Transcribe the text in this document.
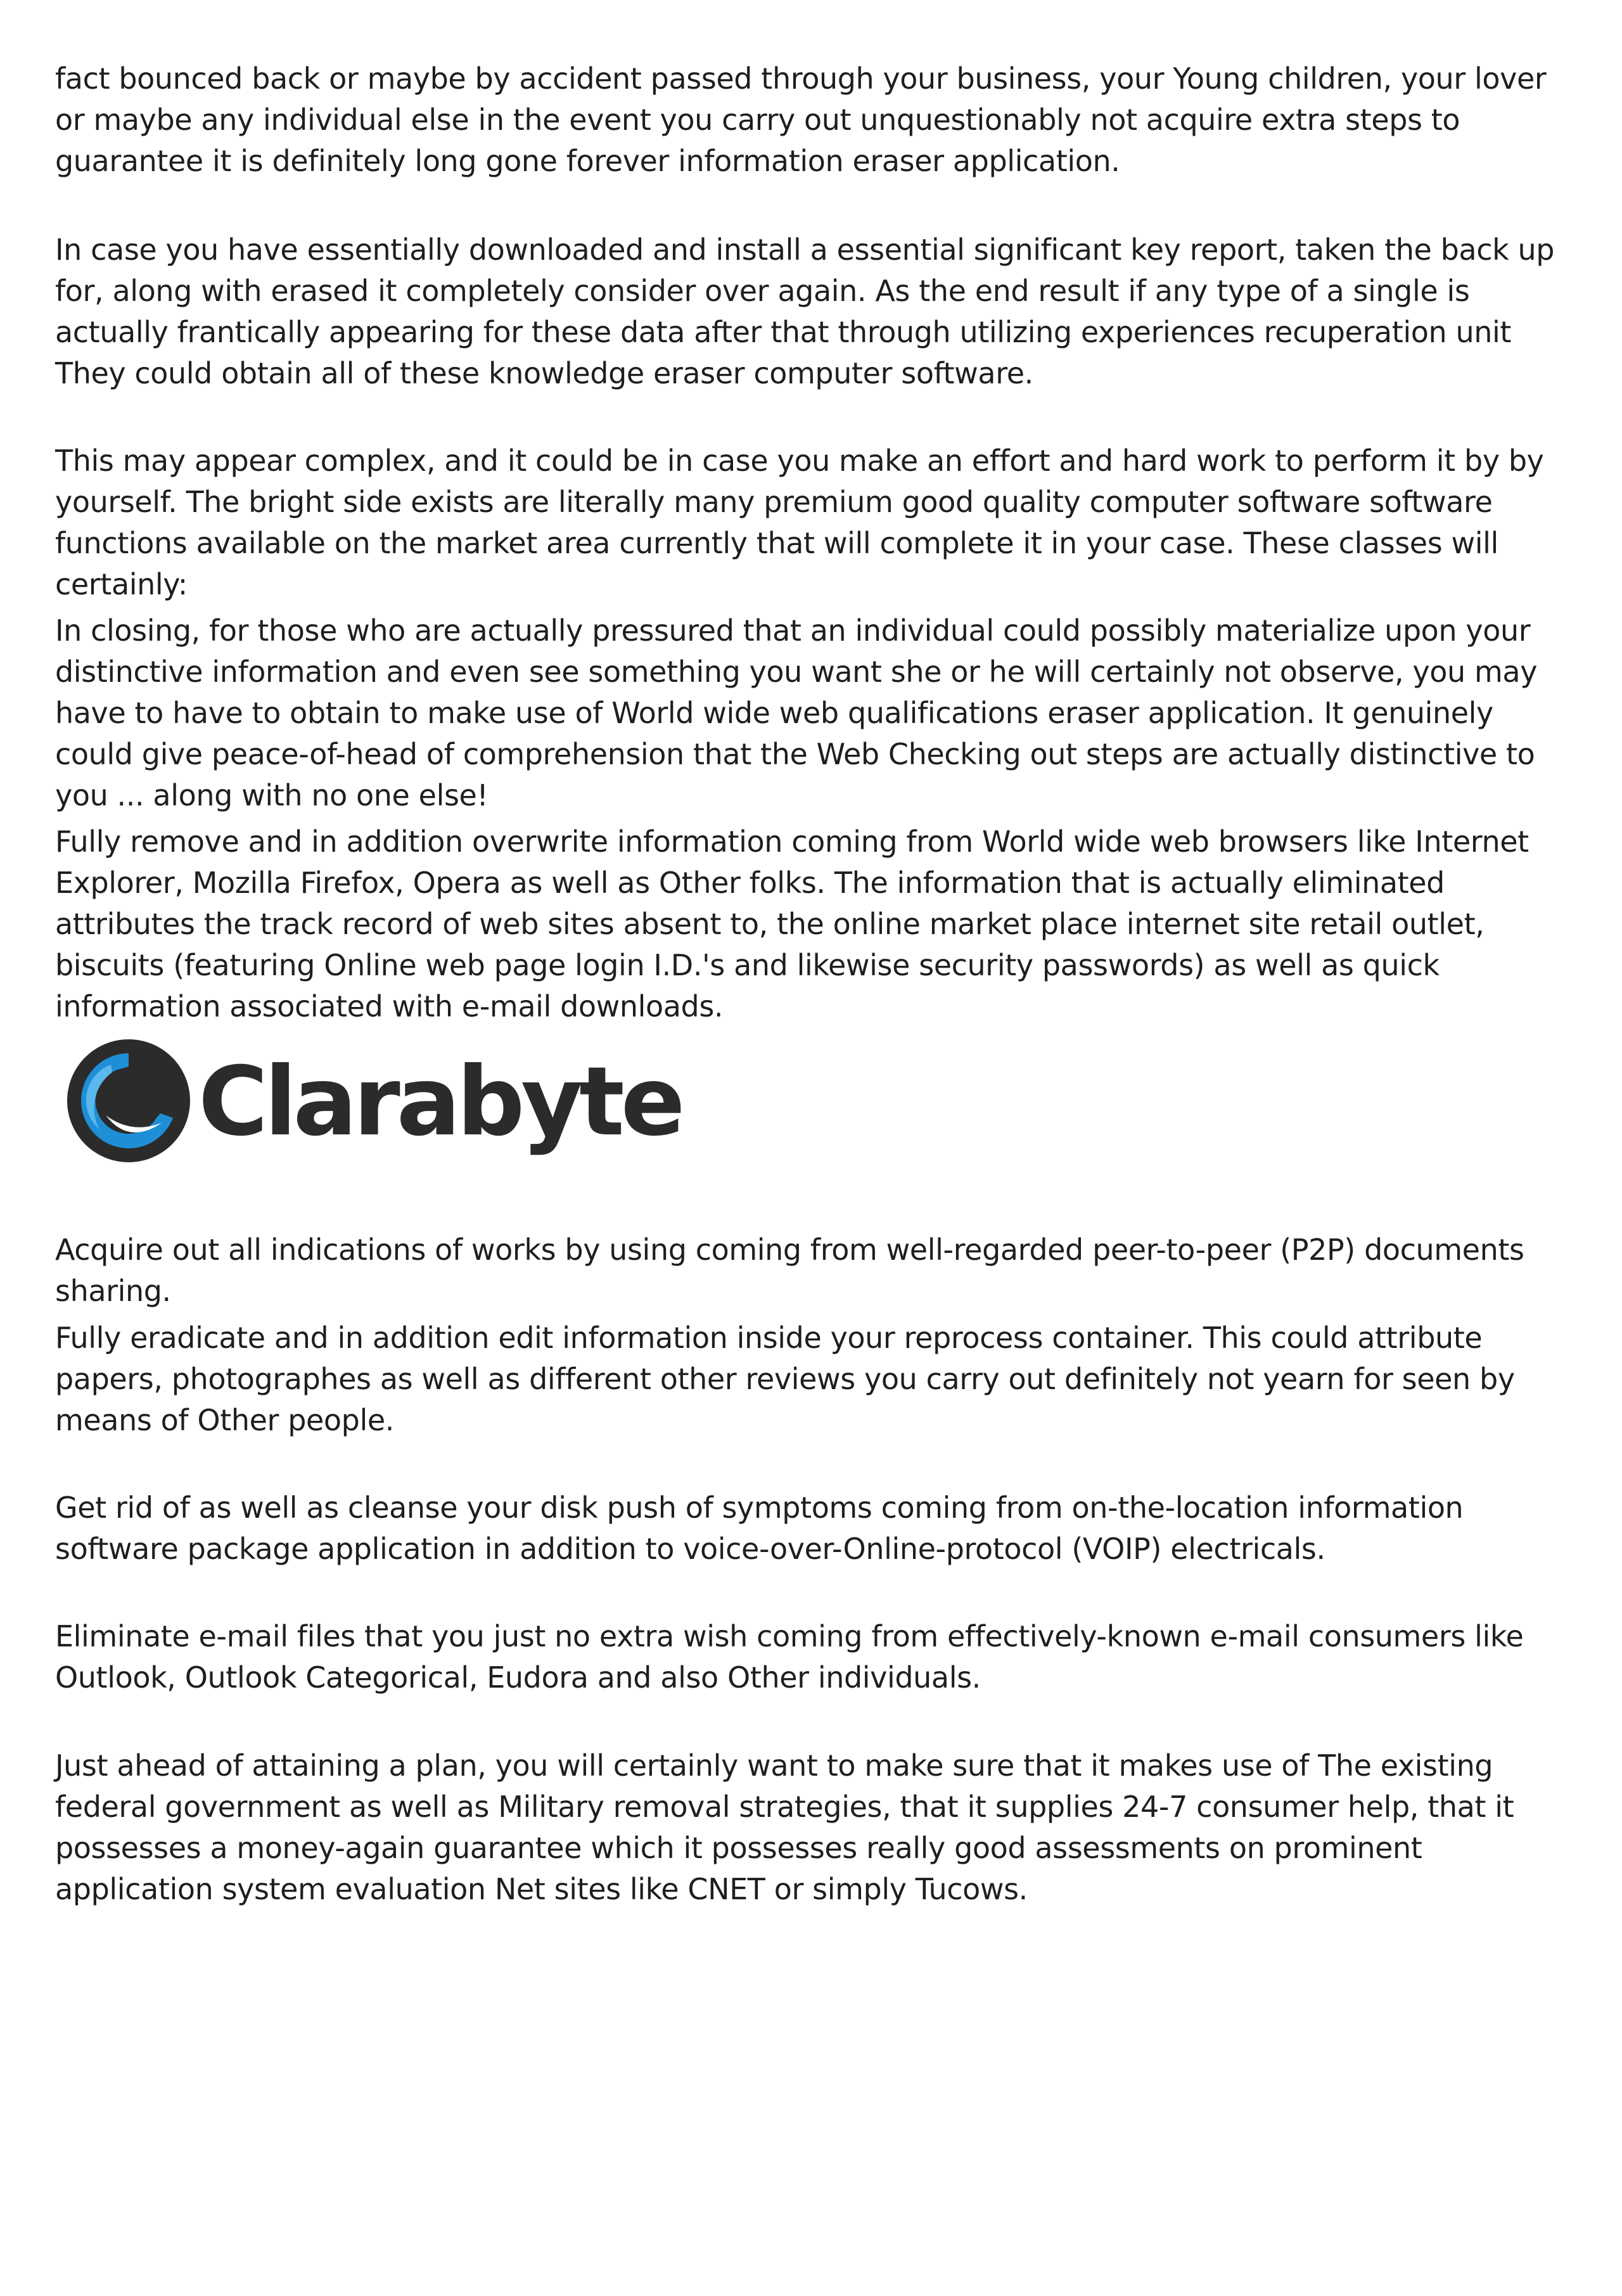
fact bounced back or maybe by accident passed through your business, your Young children, your lover or maybe any individual else in the event you carry out unquestionably not acquire extra steps to guarantee it is definitely long gone forever information eraser application.

In case you have essentially downloaded and install a essential significant key report, taken the back up for, along with erased it completely consider over again. As the end result if any type of a single is actually frantically appearing for these data after that through utilizing experiences recuperation unit They could obtain all of these knowledge eraser computer software.

This may appear complex, and it could be in case you make an effort and hard work to perform it by by yourself. The bright side exists are literally many premium good quality computer software software functions available on the market area currently that will complete it in your case. These classes will certainly:

In closing, for those who are actually pressured that an individual could possibly materialize upon your distinctive information and even see something you want she or he will certainly not observe, you may have to have to obtain to make use of World wide web qualifications eraser application. It genuinely could give peace-of-head of comprehension that the Web Checking out steps are actually distinctive to you ... along with no one else!

Fully remove and in addition overwrite information coming from World wide web browsers like Internet Explorer, Mozilla Firefox, Opera as well as Other folks. The information that is actually eliminated attributes the track record of web sites absent to, the online market place internet site retail outlet, biscuits (featuring Online web page login I.D.'s and likewise security passwords) as well as quick information associated with e-mail downloads.

Clarabyte

Acquire out all indications of works by using coming from well-regarded peer-to-peer (P2P) documents sharing.

Fully eradicate and in addition edit information inside your reprocess container. This could attribute papers, photographes as well as different other reviews you carry out definitely not yearn for seen by means of Other people.

Get rid of as well as cleanse your disk push of symptoms coming from on-the-location information software package application in addition to voice-over-Online-protocol (VOIP) electricals.

Eliminate e-mail files that you just no extra wish coming from effectively-known e-mail consumers like Outlook, Outlook Categorical, Eudora and also Other individuals.

Just ahead of attaining a plan, you will certainly want to make sure that it makes use of The existing federal government as well as Military removal strategies, that it supplies 24-7 consumer help, that it possesses a money-again guarantee which it possesses really good assessments on prominent application system evaluation Net sites like CNET or simply Tucows.
